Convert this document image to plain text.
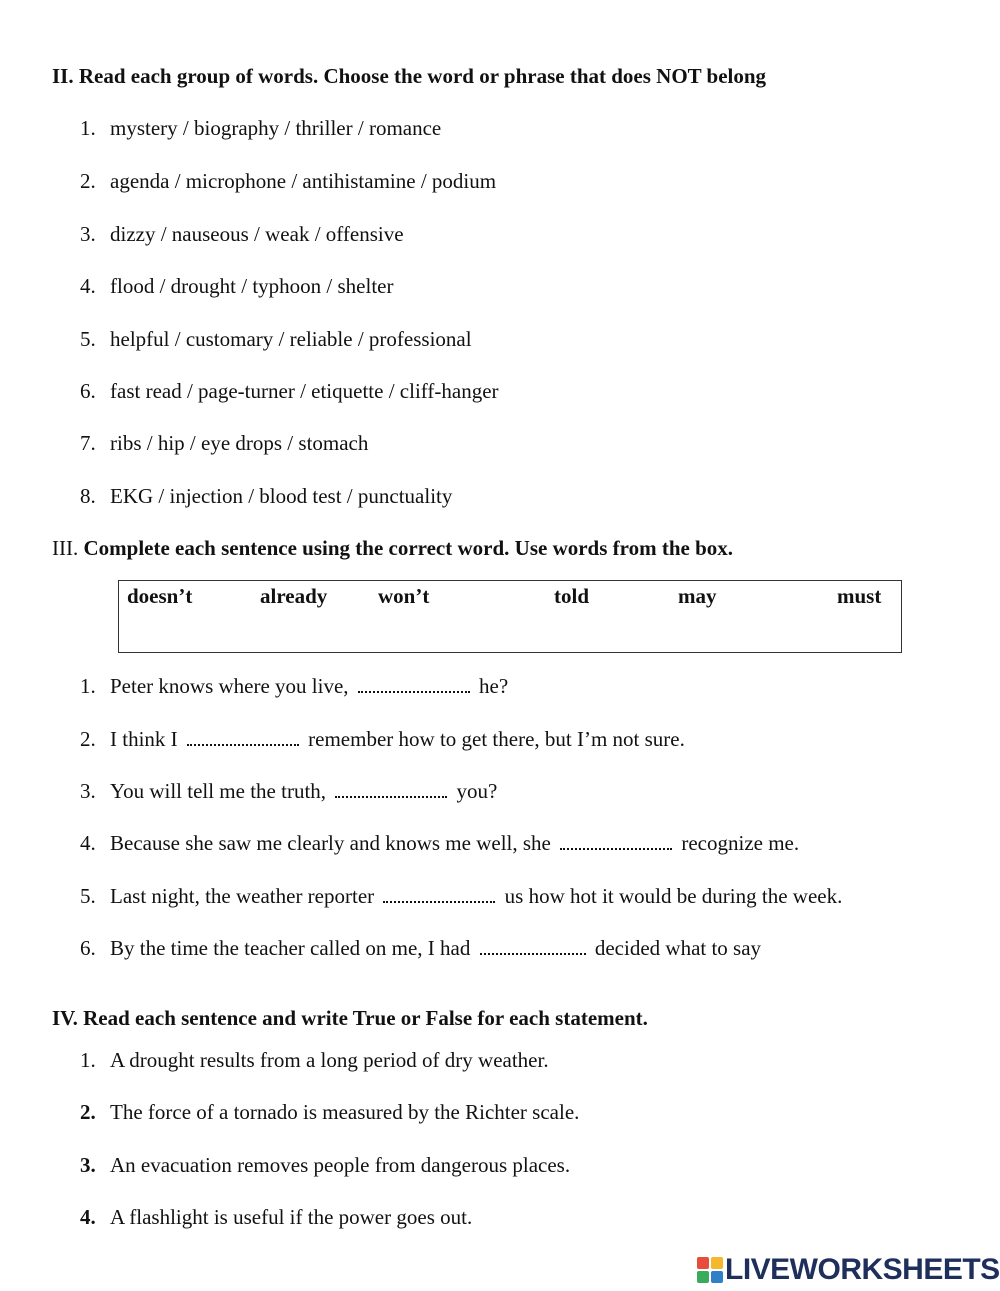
II. Read each group of words. Choose the word or phrase that does NOT belong
1. mystery / biography / thriller / romance
2. agenda / microphone / antihistamine / podium
3. dizzy / nauseous / weak / offensive
4. flood / drought / typhoon / shelter
5. helpful / customary / reliable / professional
6. fast read / page-turner / etiquette / cliff-hanger
7. ribs / hip / eye drops / stomach
8. EKG / injection / blood test / punctuality
III. Complete each sentence using the correct word. Use words from the box.
doesn’t	already won’t	told	may	must
1. Peter knows where you live,	he?
2. I think I	remember how to get there, but I’m not sure.
3. You will tell me the truth,	you?
4. Because she saw me clearly and knows me well, she	recognize me.
5. Last night, the weather reporter	us how hot it would be during the week.
6. By the time the teacher called on me, I had	decided what to say
IV. Read each sentence and write True or False for each statement.
1. A drought results from a long period of dry weather.
2. The force of a tornado is measured by the Richter scale.
3. An evacuation removes people from dangerous places.
4. A flashlight is useful if the power goes out.
LIVEWORKSHEETS
